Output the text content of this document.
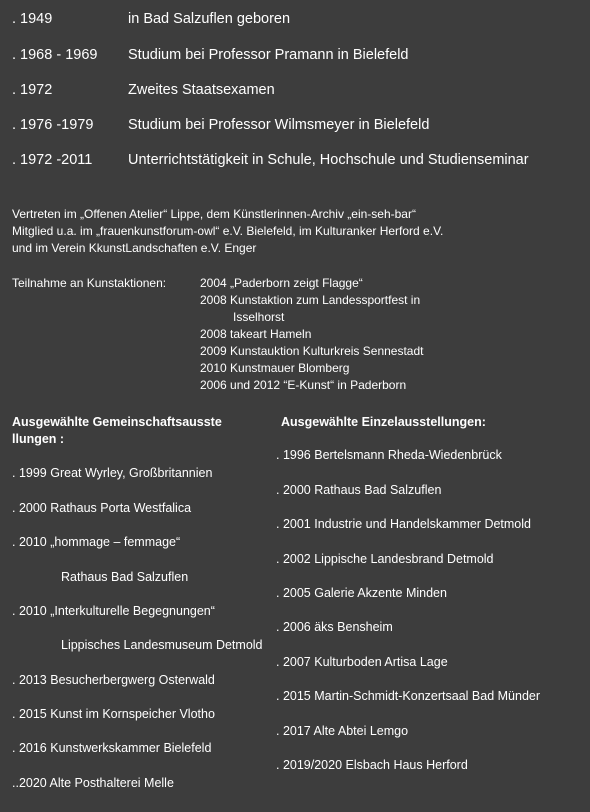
. 1949	in Bad Salzuflen geboren
. 1968 - 1969 Studium bei Professor Pramann in Bielefeld
. 1972	Zweites Staatsexamen
. 1976 -1979 Studium bei Professor Wilmsmeyer in Bielefeld
. 1972 -2011 Unterrichtstätigkeit in Schule, Hochschule und Studienseminar
Vertreten im „Offenen Atelier“ Lippe, dem Künstlerinnen-Archiv „ein-seh-bar“
Mitglied u.a. im „frauenkunstforum-owl“ e.V. Bielefeld, im Kulturanker Herford e.V.
und im Verein KkunstLandschaften e.V. Enger
Teilnahme an Kunstaktionen:	2004 „Paderborn zeigt Flagge“
2008 Kunstaktion zum Landessportfest in
Isselhorst
2008 takeart Hameln
2009 Kunstauktion Kulturkreis Sennestadt
2010 Kunstmauer Blomberg
2006 und 2012 “E-Kunst“ in Paderborn
Ausgewählte Gemeinschaftsausste
llungen :
. 1999 Great Wyrley, Großbritannien
. 2000 Rathaus Porta Westfalica
. 2010 „hommage – femmage“
Rathaus Bad Salzuflen
. 2010 „Interkulturelle Begegnungen“
Lippisches Landesmuseum Detmold
. 2013 Besucherbergwerg Osterwald
. 2015 Kunst im Kornspeicher Vlotho
. 2016 Kunstwerkskammer Bielefeld
..2020 Alte Posthalterei Melle
Ausgewählte Einzelausstellungen:
. 1996 Bertelsmann Rheda-Wiedenbrück
. 2000 Rathaus Bad Salzuflen
. 2001 Industrie und Handelskammer Detmold
. 2002 Lippische Landesbrand Detmold
. 2005 Galerie Akzente Minden
. 2006 äks Bensheim
. 2007 Kulturboden Artisa Lage
. 2015 Martin-Schmidt-Konzertsaal Bad Münder
. 2017 Alte Abtei Lemgo
. 2019/2020 Elsbach Haus Herford
